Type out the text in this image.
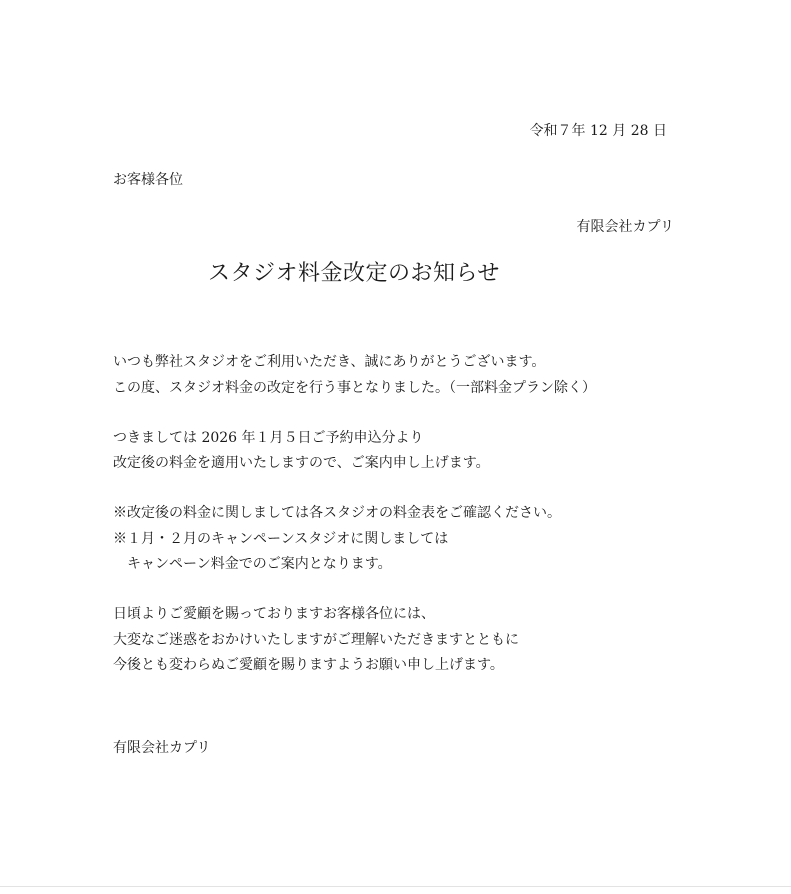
令和７年 12 月 28 日
お客様各位
有限会社カプリ
スタジオ料金改定のお知らせ
いつも弊社スタジオをご利用いただき、誠にありがとうございます。
この度、スタジオ料金の改定を行う事となりました。（一部料金プラン除く）
つきましては 2026 年１月５日ご予約申込分より
改定後の料金を適用いたしますので、ご案内申し上げます。
※改定後の料金に関しましては各スタジオの料金表をご確認ください。
※１月・２月のキャンペーンスタジオに関しましては
キャンペーン料金でのご案内となります。
日頃よりご愛顧を賜っておりますお客様各位には、
大変なご迷惑をおかけいたしますがご理解いただきますとともに
今後とも変わらぬご愛顧を賜りますようお願い申し上げます。
有限会社カプリ
